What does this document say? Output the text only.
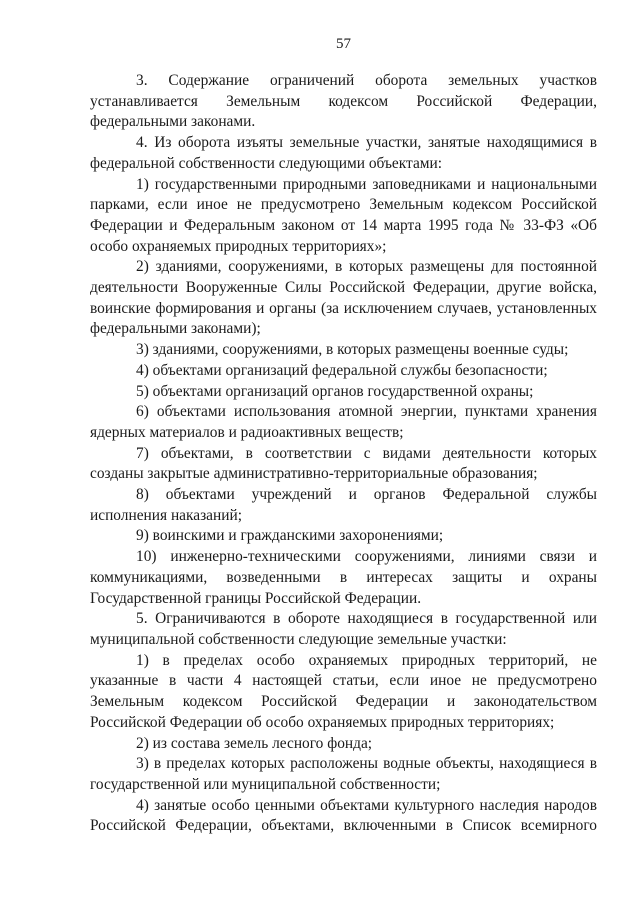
57

3. Содержание ограничений оборота земельных участков устанавливается Земельным кодексом Российской Федерации, федеральными законами.

4. Из оборота изъяты земельные участки, занятые находящимися в федеральной собственности следующими объектами:

1) государственными природными заповедниками и национальными парками, если иное не предусмотрено Земельным кодексом Российской Федерации и Федеральным законом от 14 марта 1995 года № 33-ФЗ «Об особо охраняемых природных территориях»;

2) зданиями, сооружениями, в которых размещены для постоянной деятельности Вооруженные Силы Российской Федерации, другие войска, воинские формирования и органы (за исключением случаев, установленных федеральными законами);

3) зданиями, сооружениями, в которых размещены военные суды;

4) объектами организаций федеральной службы безопасности;

5) объектами организаций органов государственной охраны;

6) объектами использования атомной энергии, пунктами хранения ядерных материалов и радиоактивных веществ;

7) объектами, в соответствии с видами деятельности которых созданы закрытые административно-территориальные образования;

8) объектами учреждений и органов Федеральной службы исполнения наказаний;

9) воинскими и гражданскими захоронениями;

10) инженерно-техническими сооружениями, линиями связи и коммуникациями, возведенными в интересах защиты и охраны Государственной границы Российской Федерации.

5. Ограничиваются в обороте находящиеся в государственной или муниципальной собственности следующие земельные участки:

1) в пределах особо охраняемых природных территорий, не указанные в части 4 настоящей статьи, если иное не предусмотрено Земельным кодексом Российской Федерации и законодательством Российской Федерации об особо охраняемых природных территориях;

2) из состава земель лесного фонда;

3) в пределах которых расположены водные объекты, находящиеся в государственной или муниципальной собственности;

4) занятые особо ценными объектами культурного наследия народов Российской Федерации, объектами, включенными в Список всемирного
